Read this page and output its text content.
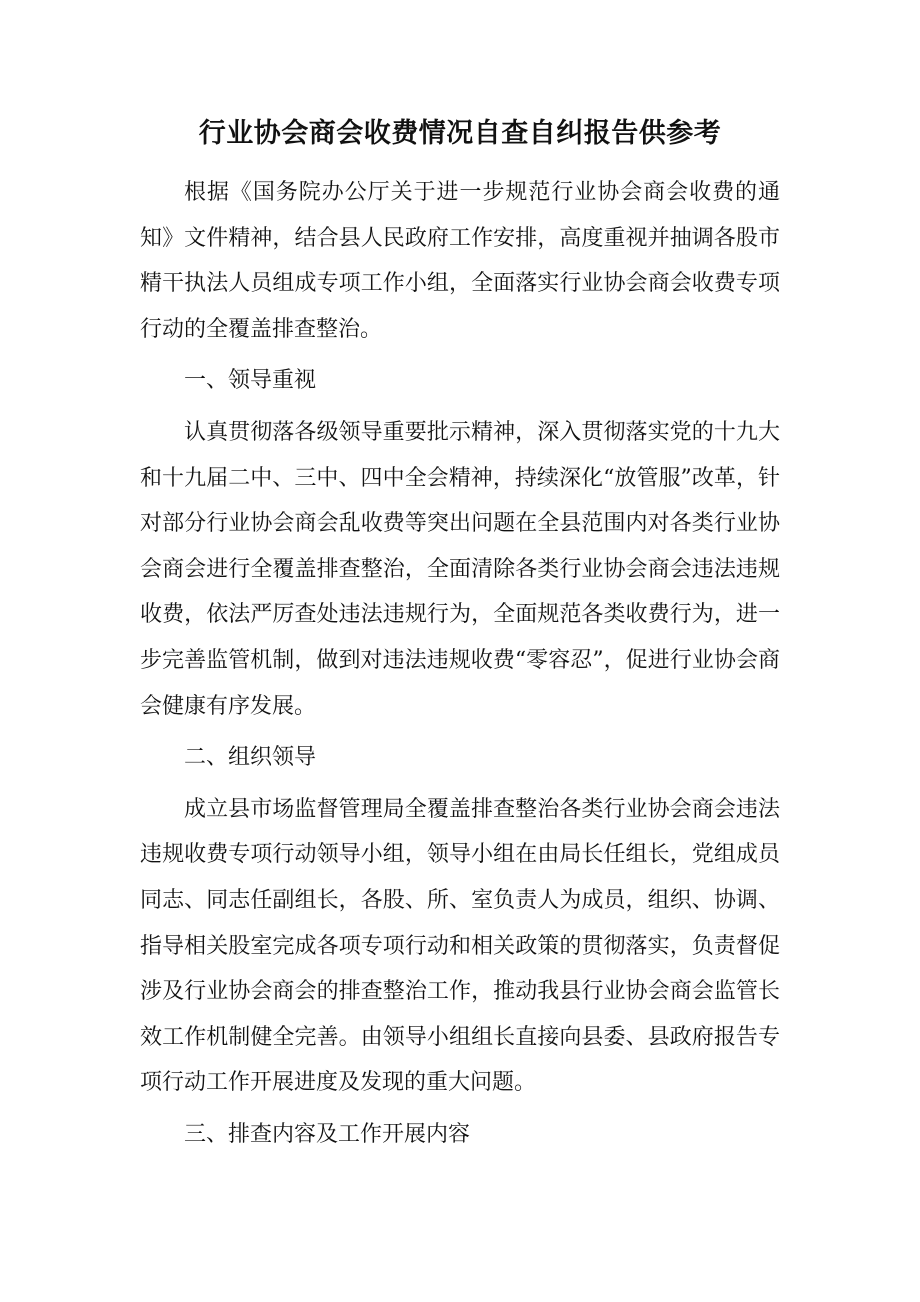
行业协会商会收费情况自查自纠报告供参考

根据《国务院办公厅关于进一步规范行业协会商会收费的通知》文件精神，结合县人民政府工作安排，高度重视并抽调各股市精干执法人员组成专项工作小组，全面落实行业协会商会收费专项行动的全覆盖排查整治。

一、领导重视

认真贯彻落各级领导重要批示精神，深入贯彻落实党的十九大和十九届二中、三中、四中全会精神，持续深化“放管服”改革，针对部分行业协会商会乱收费等突出问题在全县范围内对各类行业协会商会进行全覆盖排查整治，全面清除各类行业协会商会违法违规收费，依法严厉查处违法违规行为，全面规范各类收费行为，进一步完善监管机制，做到对违法违规收费“零容忍”，促进行业协会商会健康有序发展。

二、组织领导

成立县市场监督管理局全覆盖排查整治各类行业协会商会违法违规收费专项行动领导小组，领导小组在由局长任组长，党组成员同志、同志任副组长，各股、所、室负责人为成员，组织、协调、指导相关股室完成各项专项行动和相关政策的贯彻落实，负责督促涉及行业协会商会的排查整治工作，推动我县行业协会商会监管长效工作机制健全完善。由领导小组组长直接向县委、县政府报告专项行动工作开展进度及发现的重大问题。

三、排查内容及工作开展内容
